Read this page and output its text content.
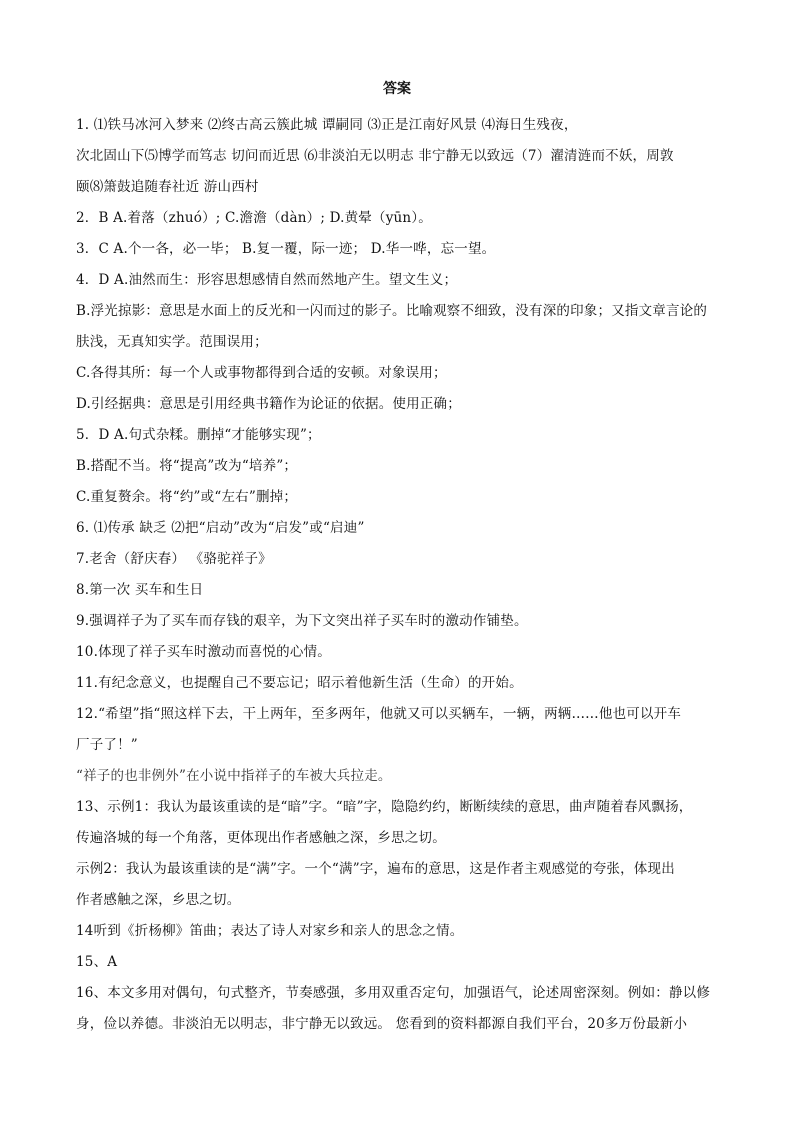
答案
1. ⑴铁马冰河入梦来 ⑵终古高云簇此城 谭嗣同 ⑶正是江南好风景 ⑷海日生残夜，
次北固山下⑸博学而笃志 切问而近思 ⑹非淡泊无以明志 非宁静无以致远（7）濯清涟而不妖，周敦
颐⑻箫鼓追随春社近 游山西村
2．B A.着落（zhuó）; C.澹澹（dàn）; D.黄晕（yūn）。
3．C A.个一各，必一毕； B.复一覆，际一迹； D.华一哗，忘一望。
4．D A.油然而生：形容思想感情自然而然地产生。望文生义；
B.浮光掠影：意思是水面上的反光和一闪而过的影子。比喻观察不细致，没有深的印象；又指文章言论的
肤浅，无真知实学。范围误用；
C.各得其所：每一个人或事物都得到合适的安顿。对象误用；
D.引经据典：意思是引用经典书籍作为论证的依据。使用正确；
5．D A.句式杂糅。删掉“才能够实现”；
B.搭配不当。将“提高”改为“培养”；
C.重复赘余。将“约”或“左右”删掉；
6. ⑴传承 缺乏 ⑵把“启动”改为“启发”或“启迪”
7.老舍（舒庆春） 《骆驼祥子》
8.第一次 买车和生日
9.强调祥子为了买车而存钱的艰辛，为下文突出祥子买车时的激动作铺垫。
10.体现了祥子买车时激动而喜悦的心情。
11.有纪念意义，也提醒自己不要忘记；昭示着他新生活（生命）的开始。
12.“希望”指“照这样下去，干上两年，至多两年，他就又可以买辆车，一辆，两辆……他也可以开车
厂子了！”
“祥子的也非例外”在小说中指祥子的车被大兵拉走。
13、示例1：我认为最该重读的是“暗”字。“暗”字，隐隐约约，断断续续的意思，曲声随着春风飘扬，
传遍洛城的每一个角落，更体现出作者感触之深，乡思之切。
示例2：我认为最该重读的是“满”字。一个“满”字，遍布的意思，这是作者主观感觉的夸张，体现出
作者感触之深，乡思之切。
14听到《折杨柳》笛曲；表达了诗人对家乡和亲人的思念之情。
15、A
16、本文多用对偶句，句式整齐，节奏感强，多用双重否定句，加强语气，论述周密深刻。例如：静以修
身，俭以养德。非淡泊无以明志，非宁静无以致远。 您看到的资料都源自我们平台，20多万份最新小
